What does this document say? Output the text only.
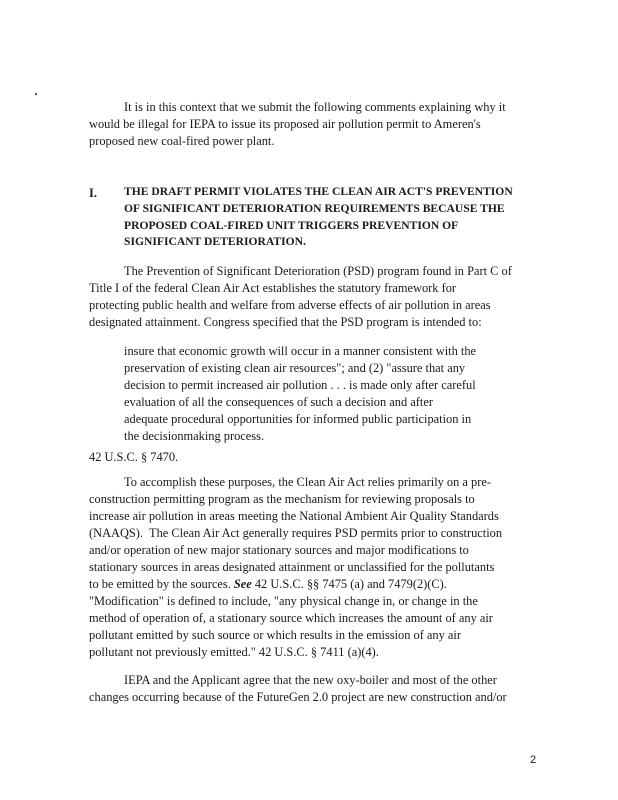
It is in this context that we submit the following comments explaining why it
would be illegal for IEPA to issue its proposed air pollution permit to Ameren's
proposed new coal-fired power plant.
I. THE DRAFT PERMIT VIOLATES THE CLEAN AIR ACT'S PREVENTION
OF SIGNIFICANT DETERIORATION REQUIREMENTS BECAUSE THE
PROPOSED COAL-FIRED UNIT TRIGGERS PREVENTION OF
SIGNIFICANT DETERIORATION.
The Prevention of Significant Deterioration (PSD) program found in Part C of
Title I of the federal Clean Air Act establishes the statutory framework for
protecting public health and welfare from adverse effects of air pollution in areas
designated attainment. Congress specified that the PSD program is intended to:
insure that economic growth will occur in a manner consistent with the
preservation of existing clean air resources"; and (2) "assure that any
decision to permit increased air pollution . . . is made only after careful
evaluation of all the consequences of such a decision and after
adequate procedural opportunities for informed public participation in
the decisionmaking process.
42 U.S.C. § 7470.
To accomplish these purposes, the Clean Air Act relies primarily on a pre-
construction permitting program as the mechanism for reviewing proposals to
increase air pollution in areas meeting the National Ambient Air Quality Standards
(NAAQS).  The Clean Air Act generally requires PSD permits prior to construction
and/or operation of new major stationary sources and major modifications to
stationary sources in areas designated attainment or unclassified for the pollutants
to be emitted by the sources. See 42 U.S.C. §§ 7475 (a) and 7479(2)(C).
"Modification" is defined to include, "any physical change in, or change in the
method of operation of, a stationary source which increases the amount of any air
pollutant emitted by such source or which results in the emission of any air
pollutant not previously emitted." 42 U.S.C. § 7411 (a)(4).
IEPA and the Applicant agree that the new oxy-boiler and most of the other
changes occurring because of the FutureGen 2.0 project are new construction and/or
2
